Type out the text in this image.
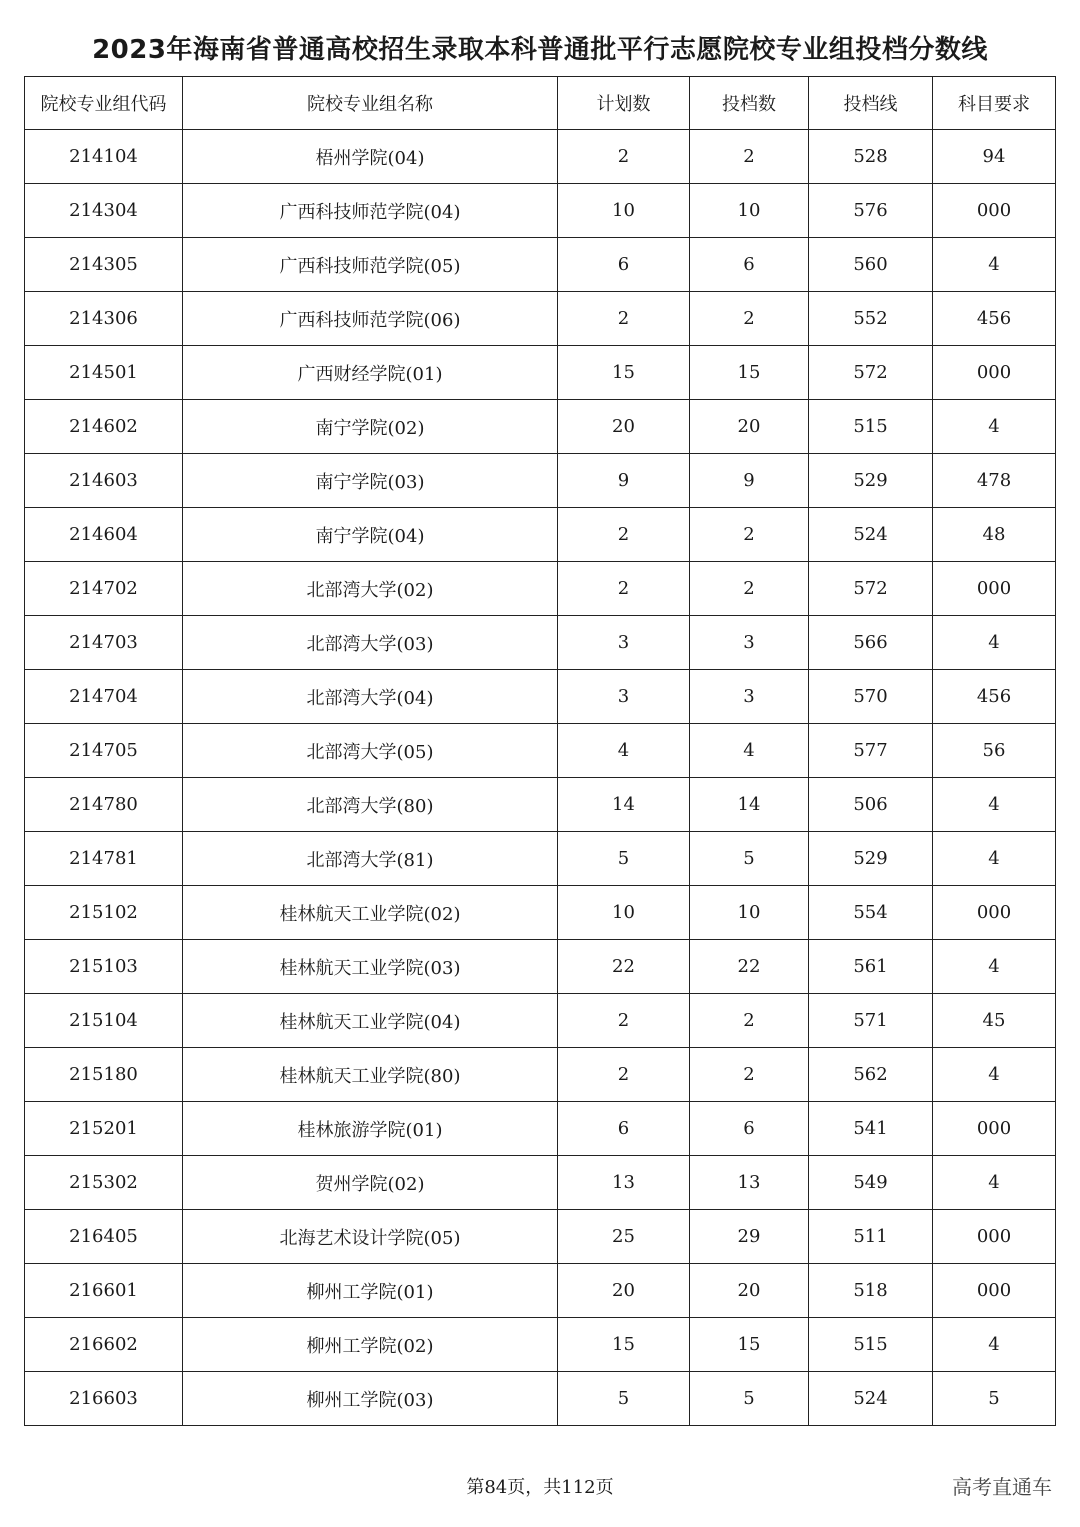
2023年海南省普通高校招生录取本科普通批平行志愿院校专业组投档分数线
院校专业组代码	院校专业组名称	计划数	投档数	投档线	科目要求
214104	梧州学院(04)	2	2	528	94
214304	广西科技师范学院(04)	10	10	576	000
214305	广西科技师范学院(05)	6	6	560	4
214306	广西科技师范学院(06)	2	2	552	456
214501	广西财经学院(01)	15	15	572	000
214602	南宁学院(02)	20	20	515	4
214603	南宁学院(03)	9	9	529	478
214604	南宁学院(04)	2	2	524	48
214702	北部湾大学(02)	2	2	572	000
214703	北部湾大学(03)	3	3	566	4
214704	北部湾大学(04)	3	3	570	456
214705	北部湾大学(05)	4	4	577	56
214780	北部湾大学(80)	14	14	506	4
214781	北部湾大学(81)	5	5	529	4
215102	桂林航天工业学院(02)	10	10	554	000
215103	桂林航天工业学院(03)	22	22	561	4
215104	桂林航天工业学院(04)	2	2	571	45
215180	桂林航天工业学院(80)	2	2	562	4
215201	桂林旅游学院(01)	6	6	541	000
215302	贺州学院(02)	13	13	549	4
216405	北海艺术设计学院(05)	25	29	511	000
216601	柳州工学院(01)	20	20	518	000
216602	柳州工学院(02)	15	15	515	4
216603	柳州工学院(03)	5	5	524	5
第84页，共112页	高考直通车
